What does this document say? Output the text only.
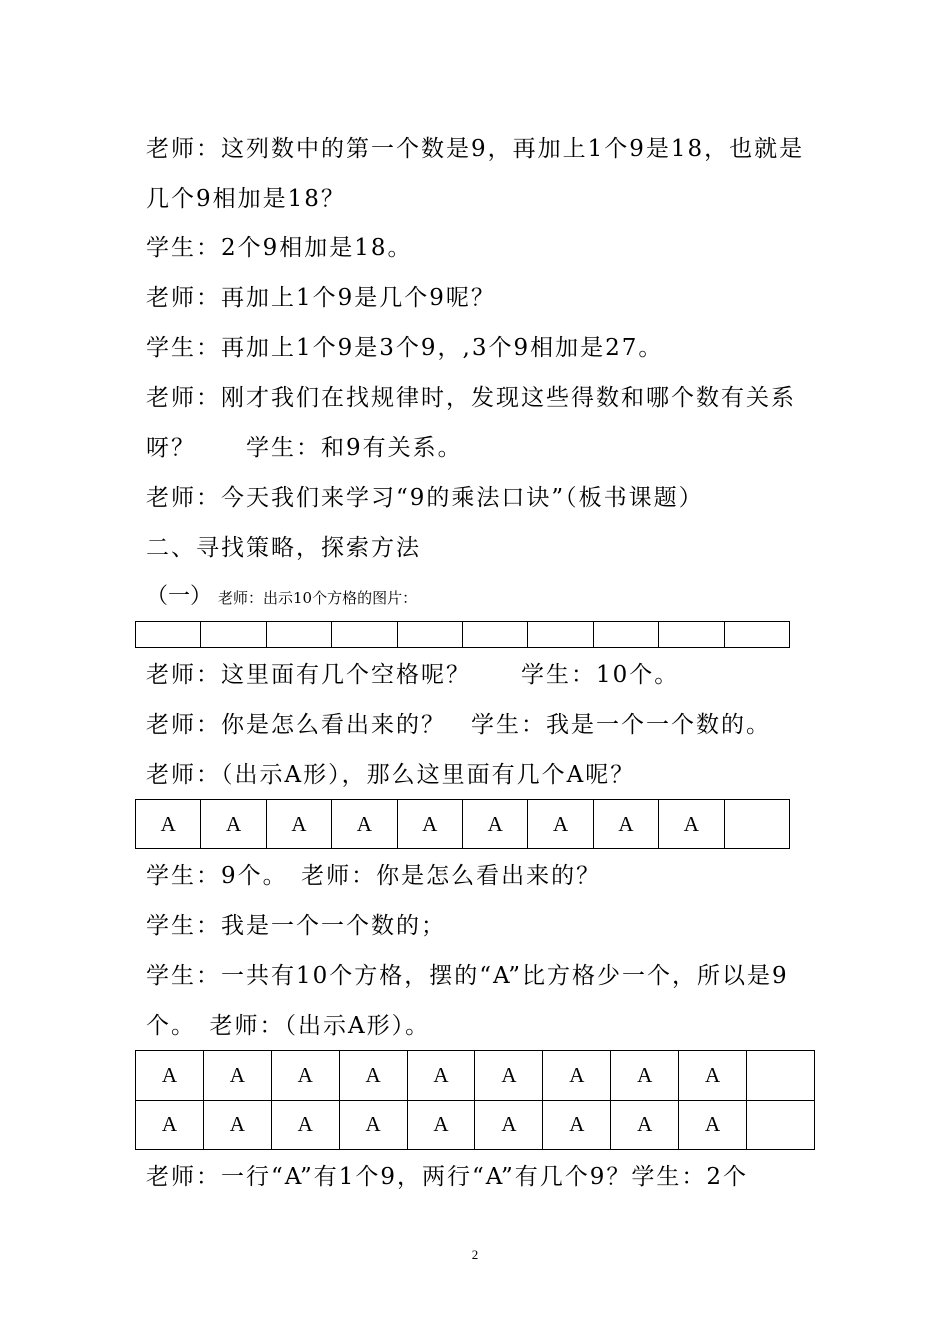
老师：这列数中的第一个数是9，再加上1个9是18，也就是
几个9相加是18？
学生：2个9相加是18。
老师：再加上1个9是几个9呢？
学生：再加上1个9是3个9，,3个9相加是27。
老师：刚才我们在找规律时，发现这些得数和哪个数有关系
呀？　　学生：和9有关系。
老师：今天我们来学习“9的乘法口诀”（板书课题）
二、寻找策略，探索方法
（一） 老师：出示10个方格的图片：

老师：这里面有几个空格呢？　　学生：10个。
老师：你是怎么看出来的？　学生：我是一个一个数的。
老师：（出示A形），那么这里面有几个A呢？
A	A	A	A	A	A	A	A	A	
学生：9个。　老师：你是怎么看出来的？
学生：我是一个一个数的；
学生：一共有10个方格，摆的“A”比方格少一个，所以是9
个。　老师：（出示A形）。
A	A	A	A	A	A	A	A	A	
A	A	A	A	A	A	A	A	A	
老师：一行“A”有1个9，两行“A”有几个9？学生：2个
2
